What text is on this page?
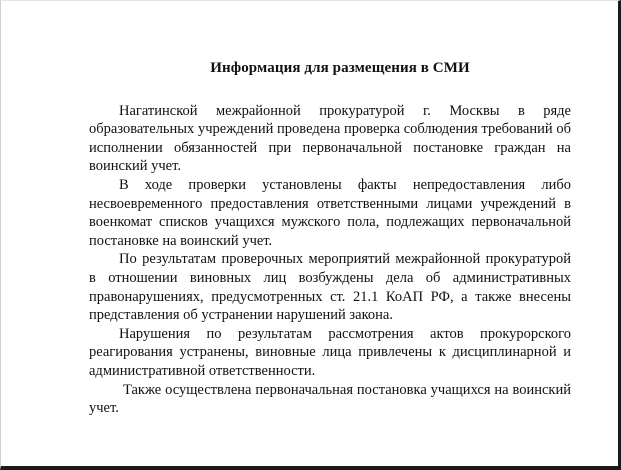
Информация для размещения в СМИ

Нагатинской межрайонной прокуратурой г. Москвы в ряде образовательных учреждений проведена проверка соблюдения требований об исполнении обязанностей при первоначальной постановке граждан на воинский учет.

В ходе проверки установлены факты непредоставления либо несвоевременного предоставления ответственными лицами учреждений в военкомат списков учащихся мужского пола, подлежащих первоначальной постановке на воинский учет.

По результатам проверочных мероприятий межрайонной прокуратурой в отношении виновных лиц возбуждены дела об административных правонарушениях, предусмотренных ст. 21.1 КоАП РФ, а также внесены представления об устранении нарушений закона.

Нарушения по результатам рассмотрения актов прокурорского реагирования устранены, виновные лица привлечены к дисциплинарной и административной ответственности.

Также осуществлена первоначальная постановка учащихся на воинский учет.
